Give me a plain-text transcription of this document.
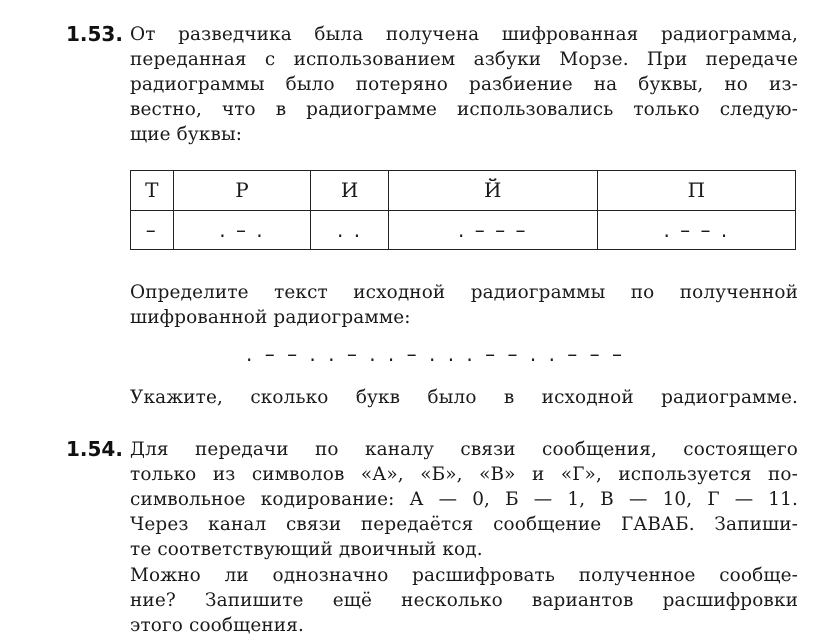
1.53. От разведчика была получена шифрованная радиограмма,
переданная с использованием азбуки Морзе. При передаче
радиограммы было потеряно разбиение на буквы, но из-
вестно, что в радиограмме использовались только следую-
щие буквы:
Т	Р	И	Й	П
–	. – .	. .	. – – –	. – – .
Определите текст исходной радиограммы по полученной
шифрованной радиограмме:
. – – . . – . . – . . . – – . . – – –
Укажите, сколько букв было в исходной радиограмме.
1.54. Для передачи по каналу связи сообщения, состоящего
только из символов «А», «Б», «В» и «Г», используется по-
символьное кодирование: А — 0, Б — 1, В — 10, Г — 11.
Через канал связи передаётся сообщение ГАВАБ. Запиши-
те соответствующий двоичный код.
Можно ли однозначно расшифровать полученное сообще-
ние? Запишите ещё несколько вариантов расшифровки
этого сообщения.
